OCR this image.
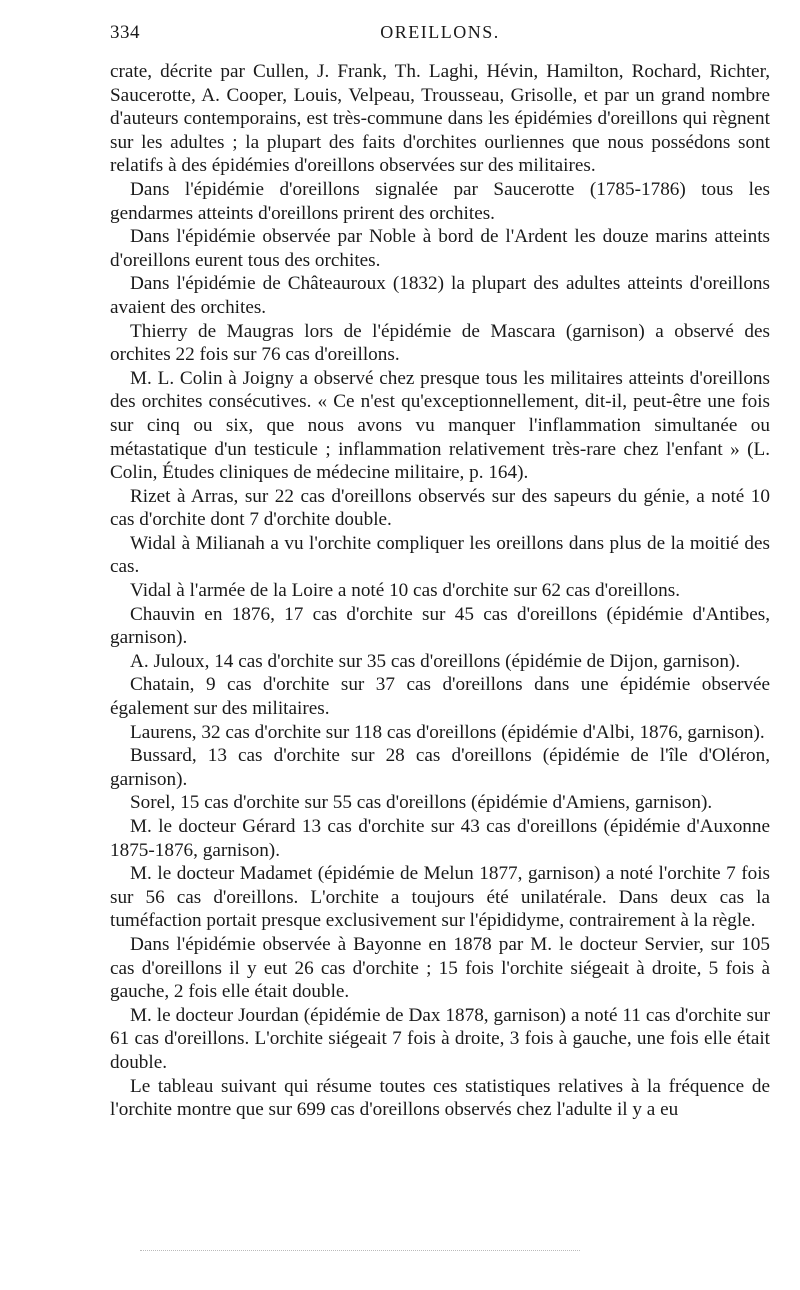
334	OREILLONS.

crate, décrite par Cullen, J. Frank, Th. Laghi, Hévin, Hamilton, Rochard, Richter, Saucerotte, A. Cooper, Louis, Velpeau, Trousseau, Grisolle, et par un grand nombre d'auteurs contemporains, est très-commune dans les épidémies d'oreillons qui règnent sur les adultes ; la plupart des faits d'orchites ourliennes que nous possédons sont relatifs à des épidémies d'oreillons observées sur des militaires.

Dans l'épidémie d'oreillons signalée par Saucerotte (1785-1786) tous les gendarmes atteints d'oreillons prirent des orchites.

Dans l'épidémie observée par Noble à bord de l'Ardent les douze marins atteints d'oreillons eurent tous des orchites.

Dans l'épidémie de Châteauroux (1832) la plupart des adultes atteints d'oreillons avaient des orchites.

Thierry de Maugras lors de l'épidémie de Mascara (garnison) a observé des orchites 22 fois sur 76 cas d'oreillons.

M. L. Colin à Joigny a observé chez presque tous les militaires atteints d'oreillons des orchites consécutives. « Ce n'est qu'exceptionnellement, dit-il, peut-être une fois sur cinq ou six, que nous avons vu manquer l'inflammation simultanée ou métastatique d'un testicule ; inflammation relativement très-rare chez l'enfant » (L. Colin, Études cliniques de médecine militaire, p. 164).

Rizet à Arras, sur 22 cas d'oreillons observés sur des sapeurs du génie, a noté 10 cas d'orchite dont 7 d'orchite double.

Widal à Milianah a vu l'orchite compliquer les oreillons dans plus de la moitié des cas.

Vidal à l'armée de la Loire a noté 10 cas d'orchite sur 62 cas d'oreillons.

Chauvin en 1876, 17 cas d'orchite sur 45 cas d'oreillons (épidémie d'Antibes, garnison).

A. Juloux, 14 cas d'orchite sur 35 cas d'oreillons (épidémie de Dijon, garnison).

Chatain, 9 cas d'orchite sur 37 cas d'oreillons dans une épidémie observée également sur des militaires.

Laurens, 32 cas d'orchite sur 118 cas d'oreillons (épidémie d'Albi, 1876, garnison).

Bussard, 13 cas d'orchite sur 28 cas d'oreillons (épidémie de l'île d'Oléron, garnison).

Sorel, 15 cas d'orchite sur 55 cas d'oreillons (épidémie d'Amiens, garnison).

M. le docteur Gérard 13 cas d'orchite sur 43 cas d'oreillons (épidémie d'Auxonne 1875-1876, garnison).

M. le docteur Madamet (épidémie de Melun 1877, garnison) a noté l'orchite 7 fois sur 56 cas d'oreillons. L'orchite a toujours été unilatérale. Dans deux cas la tuméfaction portait presque exclusivement sur l'épididyme, contrairement à la règle.

Dans l'épidémie observée à Bayonne en 1878 par M. le docteur Servier, sur 105 cas d'oreillons il y eut 26 cas d'orchite ; 15 fois l'orchite siégeait à droite, 5 fois à gauche, 2 fois elle était double.

M. le docteur Jourdan (épidémie de Dax 1878, garnison) a noté 11 cas d'orchite sur 61 cas d'oreillons. L'orchite siégeait 7 fois à droite, 3 fois à gauche, une fois elle était double.

Le tableau suivant qui résume toutes ces statistiques relatives à la fréquence de l'orchite montre que sur 699 cas d'oreillons observés chez l'adulte il y a eu
